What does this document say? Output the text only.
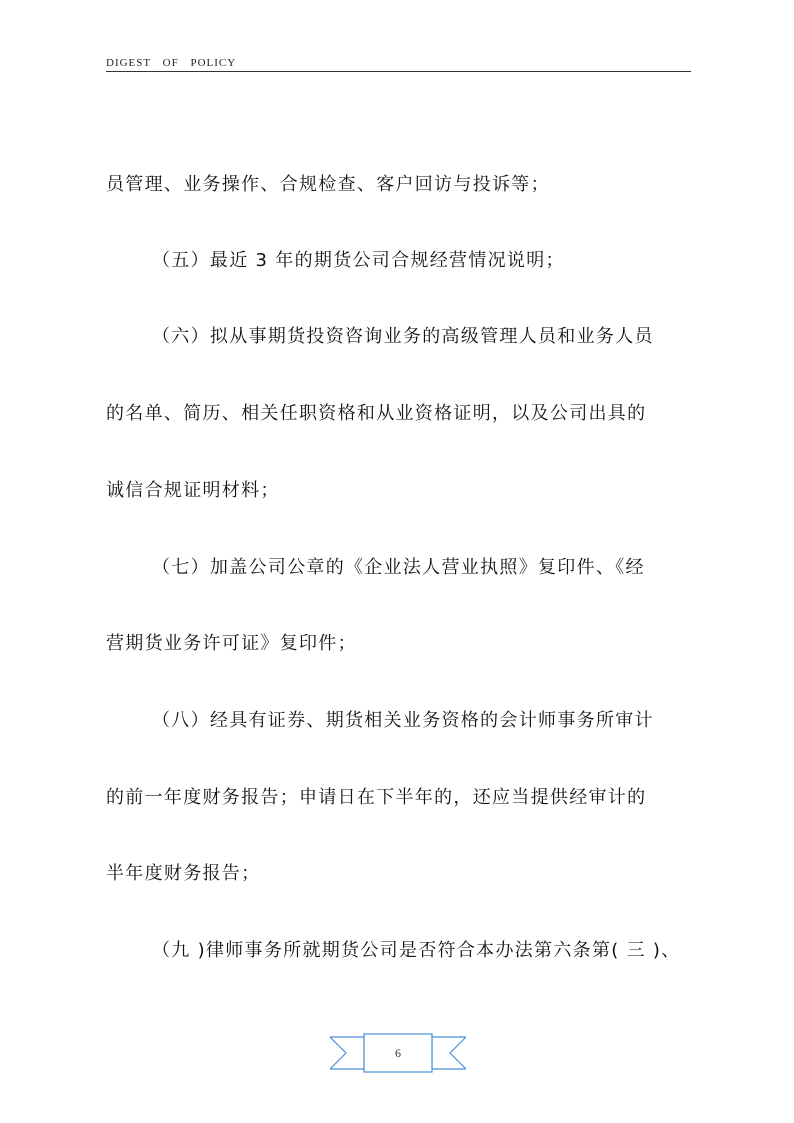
DIGEST OF POLICY
员管理、业务操作、合规检查、客户回访与投诉等；
（五）最近 3 年的期货公司合规经营情况说明；
（六）拟从事期货投资咨询业务的高级管理人员和业务人员
的名单、简历、相关任职资格和从业资格证明，以及公司出具的
诚信合规证明材料；
（七）加盖公司公章的《企业法人营业执照》复印件、《经
营期货业务许可证》复印件；
（八）经具有证券、期货相关业务资格的会计师事务所审计
的前一年度财务报告；申请日在下半年的，还应当提供经审计的
半年度财务报告；
（九 )律师事务所就期货公司是否符合本办法第六条第( 三 )、
6
